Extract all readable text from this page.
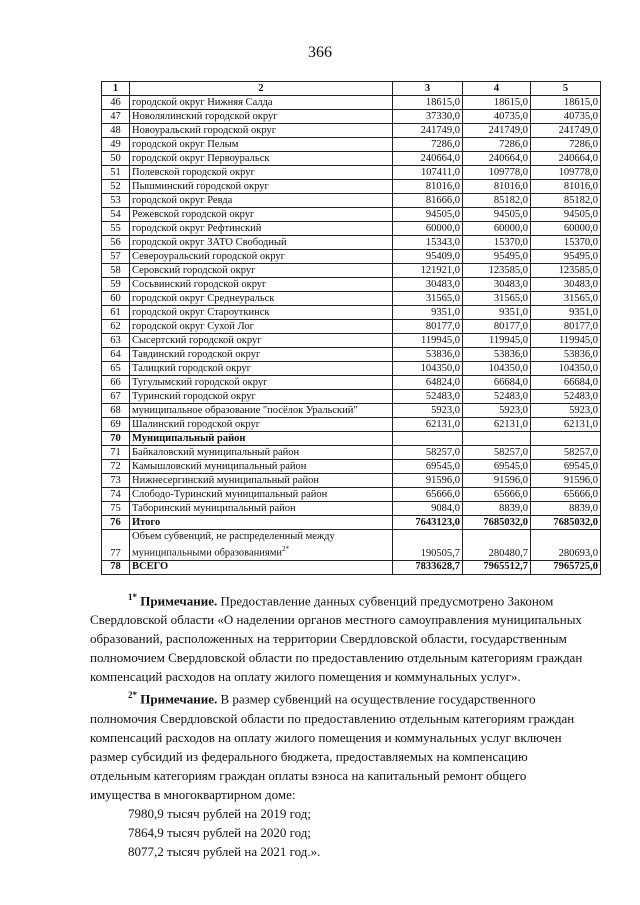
366
1	2	3	4	5
46	городской округ Нижняя Салда	18615,0	18615,0	18615,0
47	Новолялинский городской округ	37330,0	40735,0	40735,0
48	Новоуральский городской округ	241749,0	241749,0	241749,0
49	городской округ Пелым	7286,0	7286,0	7286,0
50	городской округ Первоуральск	240664,0	240664,0	240664,0
51	Полевской городской округ	107411,0	109778,0	109778,0
52	Пышминский городской округ	81016,0	81016,0	81016,0
53	городской округ Ревда	81666,0	85182,0	85182,0
54	Режевской городской округ	94505,0	94505,0	94505,0
55	городской округ Рефтинский	60000,0	60000,0	60000,0
56	городской округ ЗАТО Свободный	15343,0	15370,0	15370,0
57	Североуральский городской округ	95409,0	95495,0	95495,0
58	Серовский городской округ	121921,0	123585,0	123585,0
59	Сосьвинский городской округ	30483,0	30483,0	30483,0
60	городской округ Среднеуральск	31565,0	31565,0	31565,0
61	городской округ Староуткинск	9351,0	9351,0	9351,0
62	городской округ Сухой Лог	80177,0	80177,0	80177,0
63	Сысертский городской округ	119945,0	119945,0	119945,0
64	Тавдинский городской округ	53836,0	53836,0	53836,0
65	Талицкий городской округ	104350,0	104350,0	104350,0
66	Тугулымский городской округ	64824,0	66684,0	66684,0
67	Туринский городской округ	52483,0	52483,0	52483,0
68	муниципальное образование "посёлок Уральский"	5923,0	5923,0	5923,0
69	Шалинский городской округ	62131,0	62131,0	62131,0
70	Муниципальный район			
71	Байкаловский муниципальный район	58257,0	58257,0	58257,0
72	Камышловский муниципальный район	69545,0	69545,0	69545,0
73	Нижнесергинский муниципальный район	91596,0	91596,0	91596,0
74	Слободо-Туринский муниципальный район	65666,0	65666,0	65666,0
75	Таборинский муниципальный район	9084,0	8839,0	8839,0
76	Итого	7643123,0	7685032,0	7685032,0
77	Объем субвенций, не распределенный между муниципальными образованиями$^{2*}$	190505,7	280480,7	280693,0
78	ВСЕГО	7833628,7	7965512,7	7965725,0

$^{1*}$ Примечание. Предоставление данных субвенций предусмотрено Законом Свердловской области «О наделении органов местного самоуправления муниципальных образований, расположенных на территории Свердловской области, государственным полномочием Свердловской области по предоставлению отдельным категориям граждан компенсаций расходов на оплату жилого помещения и коммунальных услуг».

$^{2*}$ Примечание. В размер субвенций на осуществление государственного полномочия Свердловской области по предоставлению отдельным категориям граждан компенсаций расходов на оплату жилого помещения и коммунальных услуг включен размер субсидий из федерального бюджета, предоставляемых на компенсацию отдельным категориям граждан оплаты взноса на капитальный ремонт общего имущества в многоквартирном доме:

7980,9 тысяч рублей на 2019 год;

7864,9 тысяч рублей на 2020 год;

8077,2 тысяч рублей на 2021 год.».
